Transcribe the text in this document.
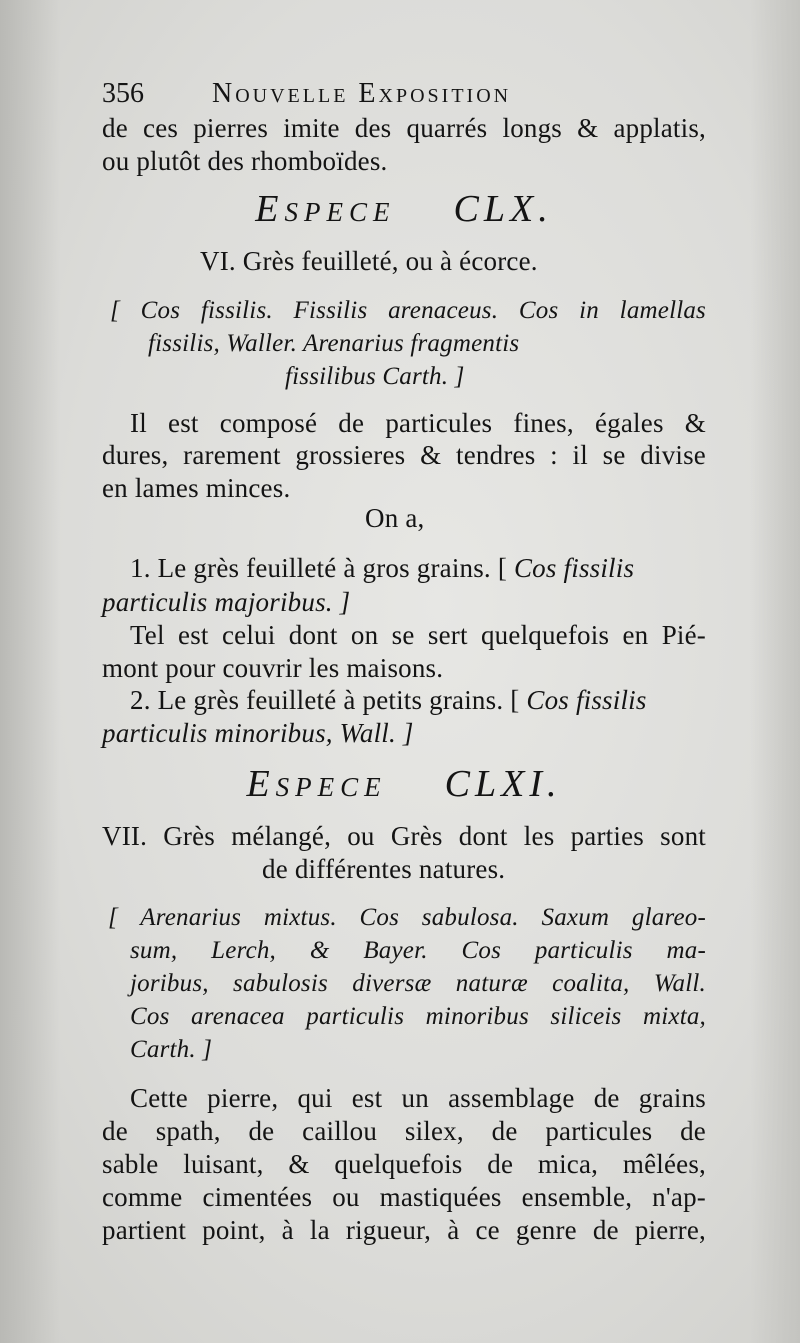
356 Nouvelle Exposition
de ces pierres imite des quarrés longs & applatis,
ou plutôt des rhomboïdes.
Espece CLX.
VI. Grès feuilleté, ou à écorce.
[ Cos fissilis. Fissilis arenaceus. Cos in lamellas
fissilis, Waller. Arenarius fragmentis
fissilibus Carth. ]
Il est composé de particules fines, égales &
dures, rarement grossieres & tendres : il se divise
en lames minces.
On a,
1. Le grès feuilleté à gros grains. [ Cos fissilis
particulis majoribus. ]
Tel est celui dont on se sert quelquefois en Pié-
mont pour couvrir les maisons.
2. Le grès feuilleté à petits grains. [ Cos fissilis
particulis minoribus, Wall. ]
Espece CLXI.
VII. Grès mélangé, ou Grès dont les parties sont
de différentes natures.
[ Arenarius mixtus. Cos sabulosa. Saxum glareo-
sum, Lerch, & Bayer. Cos particulis ma-
joribus, sabulosis diversæ naturæ coalita, Wall.
Cos arenacea particulis minoribus siliceis mixta,
Carth. ]
Cette pierre, qui est un assemblage de grains
de spath, de caillou silex, de particules de
sable luisant, & quelquefois de mica, mêlées,
comme cimentées ou mastiquées ensemble, n'ap-
partient point, à la rigueur, à ce genre de pierre,
